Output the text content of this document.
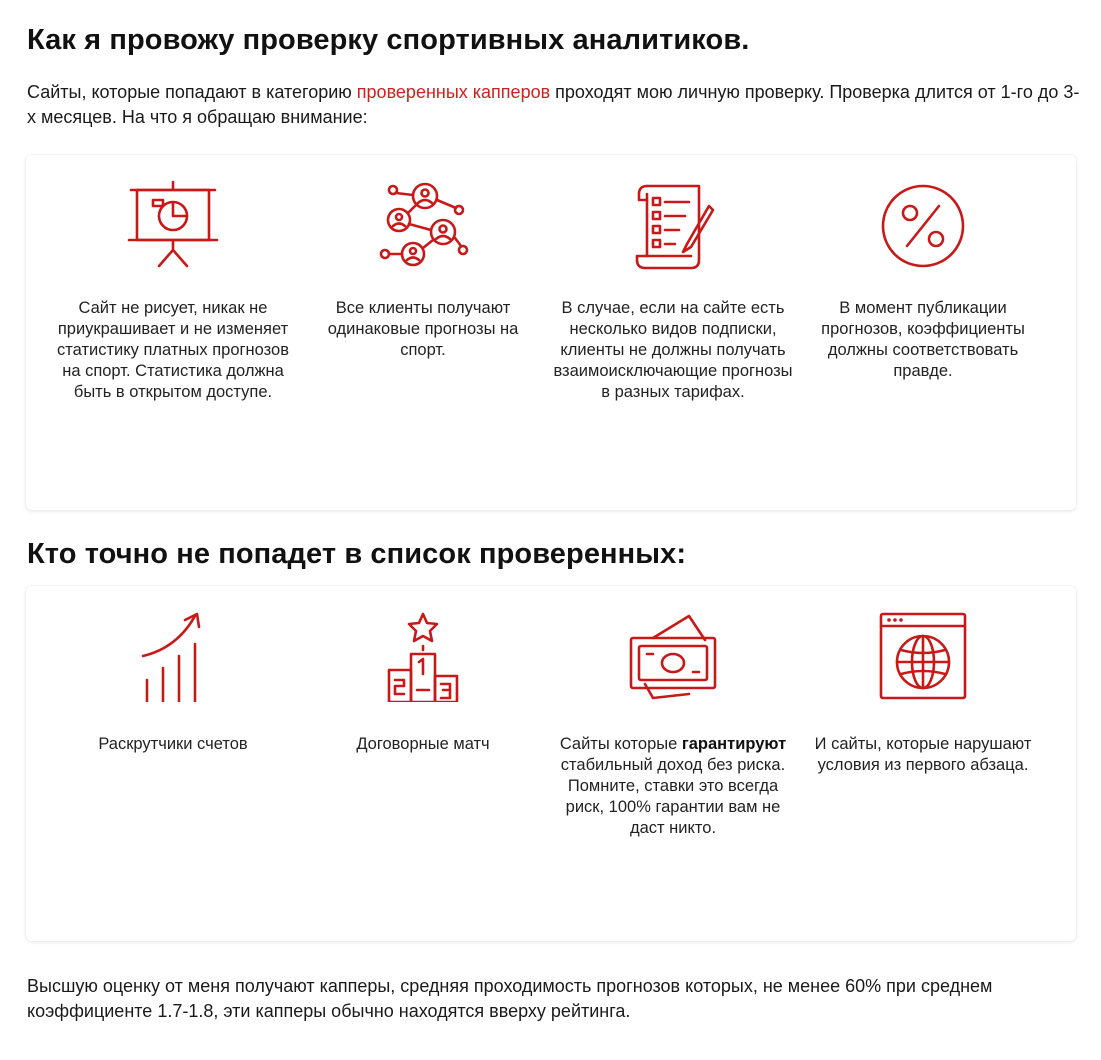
Как я провожу проверку спортивных аналитиков.

Сайты, которые попадают в категорию проверенных капперов проходят мою личную проверку. Проверка длится от 1-го до 3-х месяцев. На что я обращаю внимание:

Сайт не рисует, никак не приукрашивает и не изменяет статистику платных прогнозов на спорт. Статистика должна быть в открытом доступе.
Все клиенты получают одинаковые прогнозы на спорт.
В случае, если на сайте есть несколько видов подписки, клиенты не должны получать взаимоисключающие прогнозы в разных тарифах.
В момент публикации прогнозов, коэффициенты должны соответствовать правде.
Кто точно не попадет в список проверенных:
Раскрутчики счетов	Договорные матч	Сайты которые гарантируют стабильный доход без риска. Помните, ставки это всегда риск, 100% гарантии вам не даст никто.
И сайты, которые нарушают условия из первого абзаца.

Высшую оценку от меня получают капперы, средняя проходимость прогнозов которых, не менее 60% при среднем коэффициенте 1.7-1.8, эти капперы обычно находятся вверху рейтинга.
